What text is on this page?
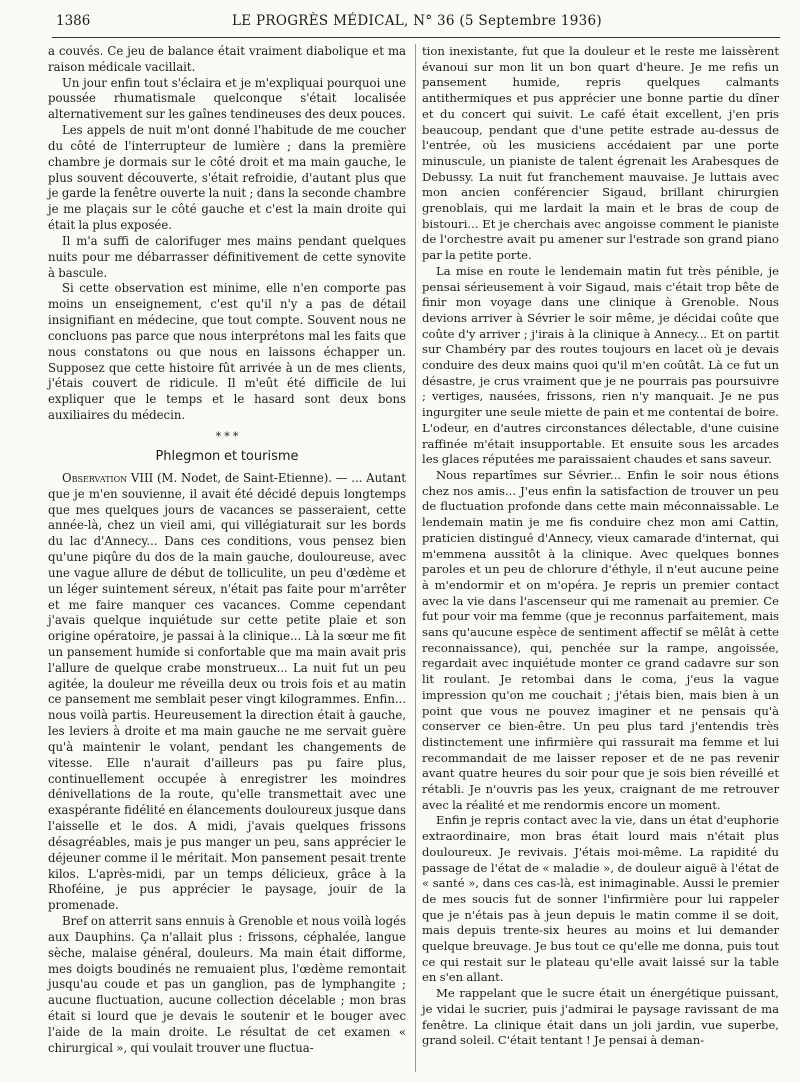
1386	LE PROGRÈS MÉDICAL, N° 36 (5 Septembre 1936)

a couvés. Ce jeu de balance était vraiment diabolique et ma raison médicale vacillait.

Un jour enfin tout s'éclaira et je m'expliquai pourquoi une poussée rhumatismale quelconque s'était localisée alternativement sur les gaînes tendineuses des deux pouces.

Les appels de nuit m'ont donné l'habitude de me coucher du côté de l'interrupteur de lumière ; dans la première chambre je dormais sur le côté droit et ma main gauche, le plus souvent découverte, s'était refroidie, d'autant plus que je garde la fenêtre ouverte la nuit ; dans la seconde chambre je me plaçais sur le côté gauche et c'est la main droite qui était la plus exposée.

Il m'a suffi de calorifuger mes mains pendant quelques nuits pour me débarrasser définitivement de cette synovite à bascule.

Si cette observation est minime, elle n'en comporte pas moins un enseignement, c'est qu'il n'y a pas de détail insignifiant en médecine, que tout compte. Souvent nous ne concluons pas parce que nous interprétons mal les faits que nous constatons ou que nous en laissons échapper un. Supposez que cette histoire fût arrivée à un de mes clients, j'étais couvert de ridicule. Il m'eût été difficile de lui expliquer que le temps et le hasard sont deux bons auxiliaires du médecin.

* * *
Phlegmon et tourisme

Observation VIII (M. Nodet, de Saint-Etienne). — ... Autant que je m'en souvienne, il avait été décidé depuis longtemps que mes quelques jours de vacances se passeraient, cette année-là, chez un vieil ami, qui villégiaturait sur les bords du lac d'Annecy... Dans ces conditions, vous pensez bien qu'une piqûre du dos de la main gauche, douloureuse, avec une vague allure de début de tolliculite, un peu d'œdème et un léger suintement séreux, n'était pas faite pour m'arrêter et me faire manquer ces vacances. Comme cependant j'avais quelque inquiétude sur cette petite plaie et son origine opératoire, je passai à la clinique... Là la sœur me fit un pansement humide si confortable que ma main avait pris l'allure de quelque crabe monstrueux... La nuit fut un peu agitée, la douleur me réveilla deux ou trois fois et au matin ce pansement me semblait peser vingt kilogrammes. Enfin... nous voilà partis. Heureusement la direction était à gauche, les leviers à droite et ma main gauche ne me servait guère qu'à maintenir le volant, pendant les changements de vitesse. Elle n'aurait d'ailleurs pas pu faire plus, continuellement occupée à enregistrer les moindres dénivellations de la route, qu'elle transmettait avec une exaspérante fidélité en élancements douloureux jusque dans l'aisselle et le dos. A midi, j'avais quelques frissons désagréables, mais je pus manger un peu, sans apprécier le déjeuner comme il le méritait. Mon pansement pesait trente kilos. L'après-midi, par un temps délicieux, grâce à la Rhoféine, je pus apprécier le paysage, jouir de la promenade.

Bref on atterrit sans ennuis à Grenoble et nous voilà logés aux Dauphins. Ça n'allait plus : frissons, céphalée, langue sèche, malaise général, douleurs. Ma main était difforme, mes doigts boudinés ne remuaient plus, l'œdème remontait jusqu'au coude et pas un ganglion, pas de lymphangite ; aucune fluctuation, aucune collection décelable ; mon bras était si lourd que je devais le soutenir et le bouger avec l'aide de la main droite. Le résultat de cet examen « chirurgical », qui voulait trouver une fluctua-

tion inexistante, fut que la douleur et le reste me laissèrent évanoui sur mon lit un bon quart d'heure. Je me refis un pansement humide, repris quelques calmants antithermiques et pus apprécier une bonne partie du dîner et du concert qui suivit. Le café était excellent, j'en pris beaucoup, pendant que d'une petite estrade au-dessus de l'entrée, où les musiciens accédaient par une porte minuscule, un pianiste de talent égrenait les Arabesques de Debussy. La nuit fut franchement mauvaise. Je luttais avec mon ancien conférencier Sigaud, brillant chirurgien grenoblais, qui me lardait la main et le bras de coup de bistouri... Et je cherchais avec angoisse comment le pianiste de l'orchestre avait pu amener sur l'estrade son grand piano par la petite porte.

La mise en route le lendemain matin fut très pénible, je pensai sérieusement à voir Sigaud, mais c'était trop bête de finir mon voyage dans une clinique à Grenoble. Nous devions arriver à Sévrier le soir même, je décidai coûte que coûte d'y arriver ; j'irais à la clinique à Annecy... Et on partit sur Chambéry par des routes toujours en lacet où je devais conduire des deux mains quoi qu'il m'en coûtât. Là ce fut un désastre, je crus vraiment que je ne pourrais pas poursuivre ; vertiges, nausées, frissons, rien n'y manquait. Je ne pus ingurgiter une seule miette de pain et me contentai de boire. L'odeur, en d'autres circonstances délectable, d'une cuisine raffinée m'était insupportable. Et ensuite sous les arcades les glaces réputées me paraissaient chaudes et sans saveur.

Nous repartîmes sur Sévrier... Enfin le soir nous étions chez nos amis... J'eus enfin la satisfaction de trouver un peu de fluctuation profonde dans cette main méconnaissable. Le lendemain matin je me fis conduire chez mon ami Cattin, praticien distingué d'Annecy, vieux camarade d'internat, qui m'emmena aussitôt à la clinique. Avec quelques bonnes paroles et un peu de chlorure d'éthyle, il n'eut aucune peine à m'endormir et on m'opéra. Je repris un premier contact avec la vie dans l'ascenseur qui me ramenait au premier. Ce fut pour voir ma femme (que je reconnus parfaitement, mais sans qu'aucune espèce de sentiment affectif se mêlât à cette reconnaissance), qui, penchée sur la rampe, angoissée, regardait avec inquiétude monter ce grand cadavre sur son lit roulant. Je retombai dans le coma, j'eus la vague impression qu'on me couchait ; j'étais bien, mais bien à un point que vous ne pouvez imaginer et ne pensais qu'à conserver ce bien-être. Un peu plus tard j'entendis très distinctement une infirmière qui rassurait ma femme et lui recommandait de me laisser reposer et de ne pas revenir avant quatre heures du soir pour que je sois bien réveillé et rétabli. Je n'ouvris pas les yeux, craignant de me retrouver avec la réalité et me rendormis encore un moment.

Enfin je repris contact avec la vie, dans un état d'euphorie extraordinaire, mon bras était lourd mais n'était plus douloureux. Je revivais. J'étais moi-même. La rapidité du passage de l'état de « maladie », de douleur aiguë à l'état de « santé », dans ces cas-là, est inimaginable. Aussi le premier de mes soucis fut de sonner l'infirmière pour lui rappeler que je n'étais pas à jeun depuis le matin comme il se doit, mais depuis trente-six heures au moins et lui demander quelque breuvage. Je bus tout ce qu'elle me donna, puis tout ce qui restait sur le plateau qu'elle avait laissé sur la table en s'en allant.

Me rappelant que le sucre était un énergétique puissant, je vidai le sucrier, puis j'admirai le paysage ravissant de ma fenêtre. La clinique était dans un joli jardin, vue superbe, grand soleil. C'était tentant ! Je pensai à deman-
